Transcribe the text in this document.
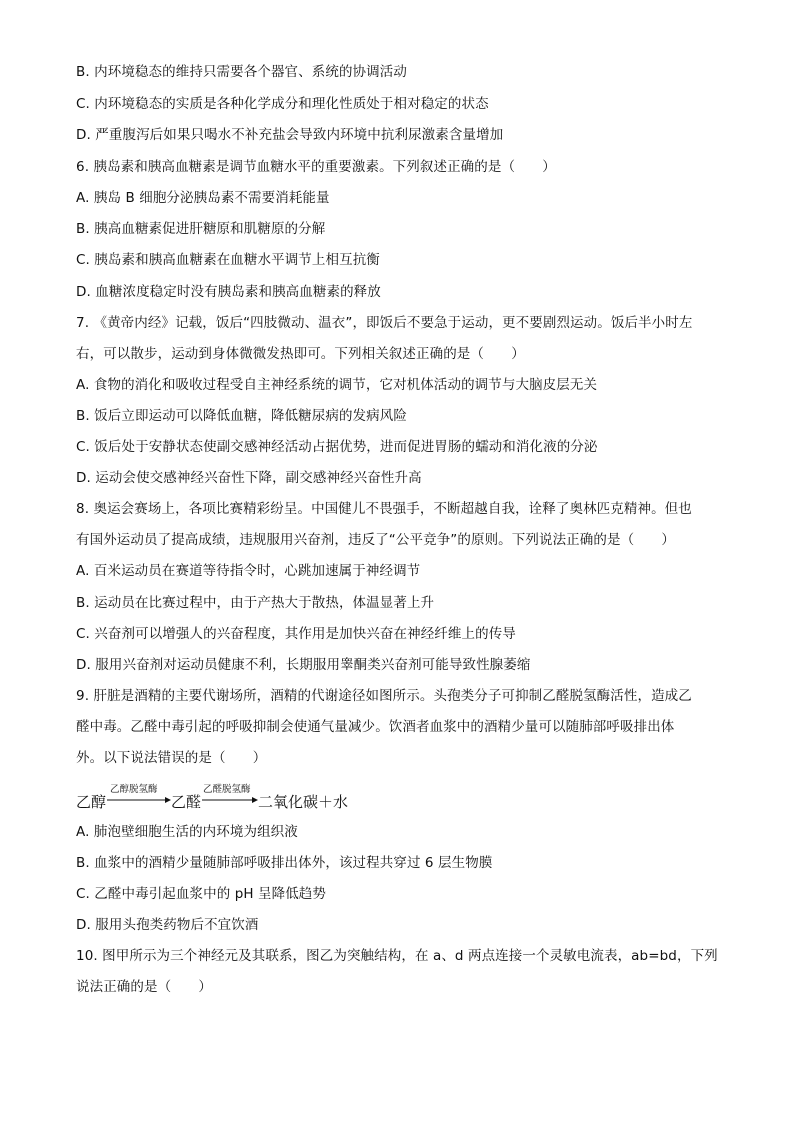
B. 内环境稳态的维持只需要各个器官、系统的协调活动
C. 内环境稳态的实质是各种化学成分和理化性质处于相对稳定的状态
D. 严重腹泻后如果只喝水不补充盐会导致内环境中抗利尿激素含量增加
6. 胰岛素和胰高血糖素是调节血糖水平的重要激素。下列叙述正确的是（　　）
A. 胰岛 B 细胞分泌胰岛素不需要消耗能量
B. 胰高血糖素促进肝糖原和肌糖原的分解
C. 胰岛素和胰高血糖素在血糖水平调节上相互抗衡
D. 血糖浓度稳定时没有胰岛素和胰高血糖素的释放
7. 《黄帝内经》记载，饭后“四肢微动、温衣”，即饭后不要急于运动，更不要剧烈运动。饭后半小时左
右，可以散步，运动到身体微微发热即可。下列相关叙述正确的是（　　）
A. 食物的消化和吸收过程受自主神经系统的调节，它对机体活动的调节与大脑皮层无关
B. 饭后立即运动可以降低血糖，降低糖尿病的发病风险
C. 饭后处于安静状态使副交感神经活动占据优势，进而促进胃肠的蠕动和消化液的分泌
D. 运动会使交感神经兴奋性下降，副交感神经兴奋性升高
8. 奥运会赛场上，各项比赛精彩纷呈。中国健儿不畏强手，不断超越自我，诠释了奥林匹克精神。但也
有国外运动员了提高成绩，违规服用兴奋剂，违反了“公平竞争”的原则。下列说法正确的是（　　）
A. 百米运动员在赛道等待指令时，心跳加速属于神经调节
B. 运动员在比赛过程中，由于产热大于散热，体温显著上升
C. 兴奋剂可以增强人的兴奋程度，其作用是加快兴奋在神经纤维上的传导
D. 服用兴奋剂对运动员健康不利，长期服用睾酮类兴奋剂可能导致性腺萎缩
9. 肝脏是酒精的主要代谢场所，酒精的代谢途径如图所示。头孢类分子可抑制乙醛脱氢酶活性，造成乙
醛中毒。乙醛中毒引起的呼吸抑制会使通气量减少。饮酒者血浆中的酒精少量可以随肺部呼吸排出体
外。以下说法错误的是（　　）
乙醇
乙醇脱氢酶
乙醛
乙醛脱氢酶
二氧化碳＋水
A. 肺泡壁细胞生活的内环境为组织液
B. 血浆中的酒精少量随肺部呼吸排出体外，该过程共穿过 6 层生物膜
C. 乙醛中毒引起血浆中的 pH 呈降低趋势
D. 服用头孢类药物后不宜饮酒
10. 图甲所示为三个神经元及其联系，图乙为突触结构，在 a、d 两点连接一个灵敏电流表，ab=bd，下列
说法正确的是（　　）
